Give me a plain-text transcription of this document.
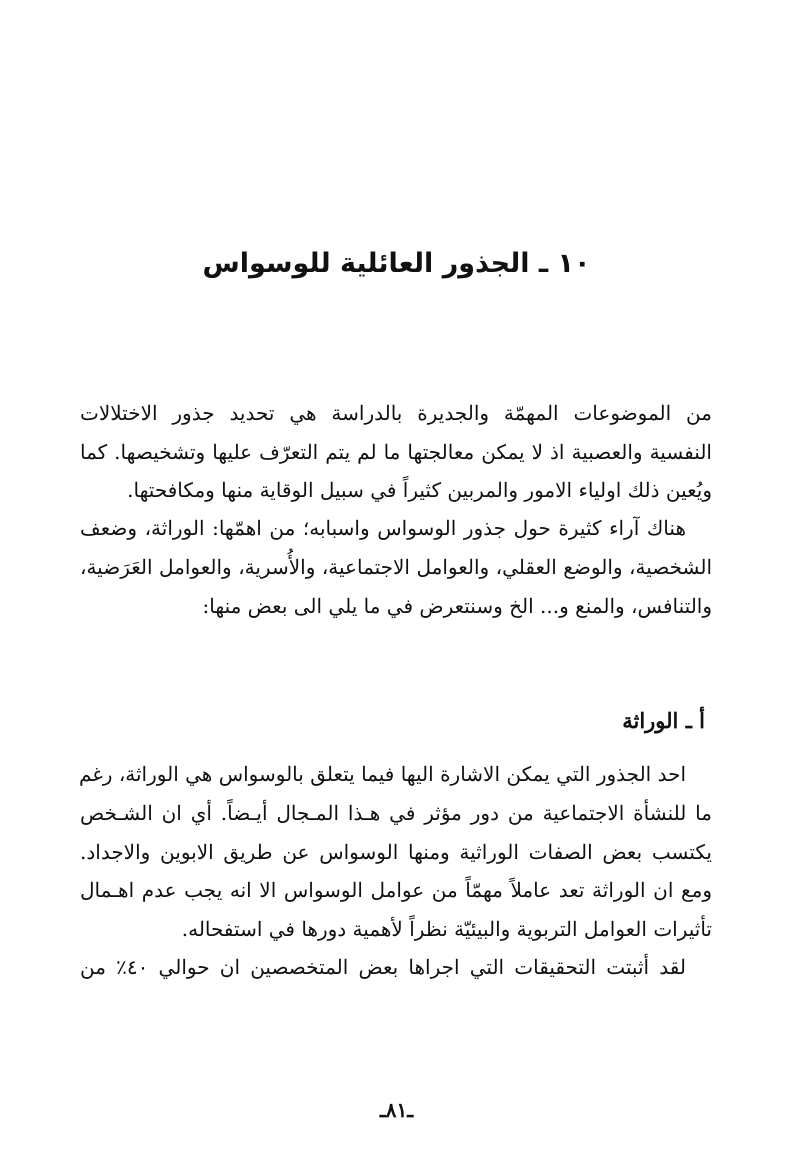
١٠ ـ الجذور العائلية للوسواس
من الموضوعات المهمّة والجديرة بالدراسة هي تحديد جذور الاختلالات
النفسية والعصبية اذ لا يمكن معالجتها ما لم يتم التعرّف عليها وتشخيصها. كما
ويُعين ذلك اولياء الامور والمربين كثيراً في سبيل الوقاية منها ومكافحتها.
هناك آراء كثيرة حول جذور الوسواس واسبابه؛ من اهمّها: الوراثة، وضعف
الشخصية، والوضع العقلي، والعوامل الاجتماعية، والأُسرية، والعوامل العَرَضية،
والتنافس، والمنع و... الخ وسنتعرض في ما يلي الى بعض منها:
أ ـ الوراثة
احد الجذور التي يمكن الاشارة اليها فيما يتعلق بالوسواس هي الوراثة، رغم
ما للنشأة الاجتماعية من دور مؤثر في هـذا المـجال أيـضاً. أي ان الشـخص
يكتسب بعض الصفات الوراثية ومنها الوسواس عن طريق الابوين والاجداد.
ومع ان الوراثة تعد عاملاً مهمّاً من عوامل الوسواس الا انه يجب عدم اهـمال
تأثيرات العوامل التربوية والبيئيّة نظراً لأهمية دورها في استفحاله.
لقد أثبتت التحقيقات التي اجراها بعض المتخصصين ان حوالي ٤٠٪ من
ـ٨١ـ
